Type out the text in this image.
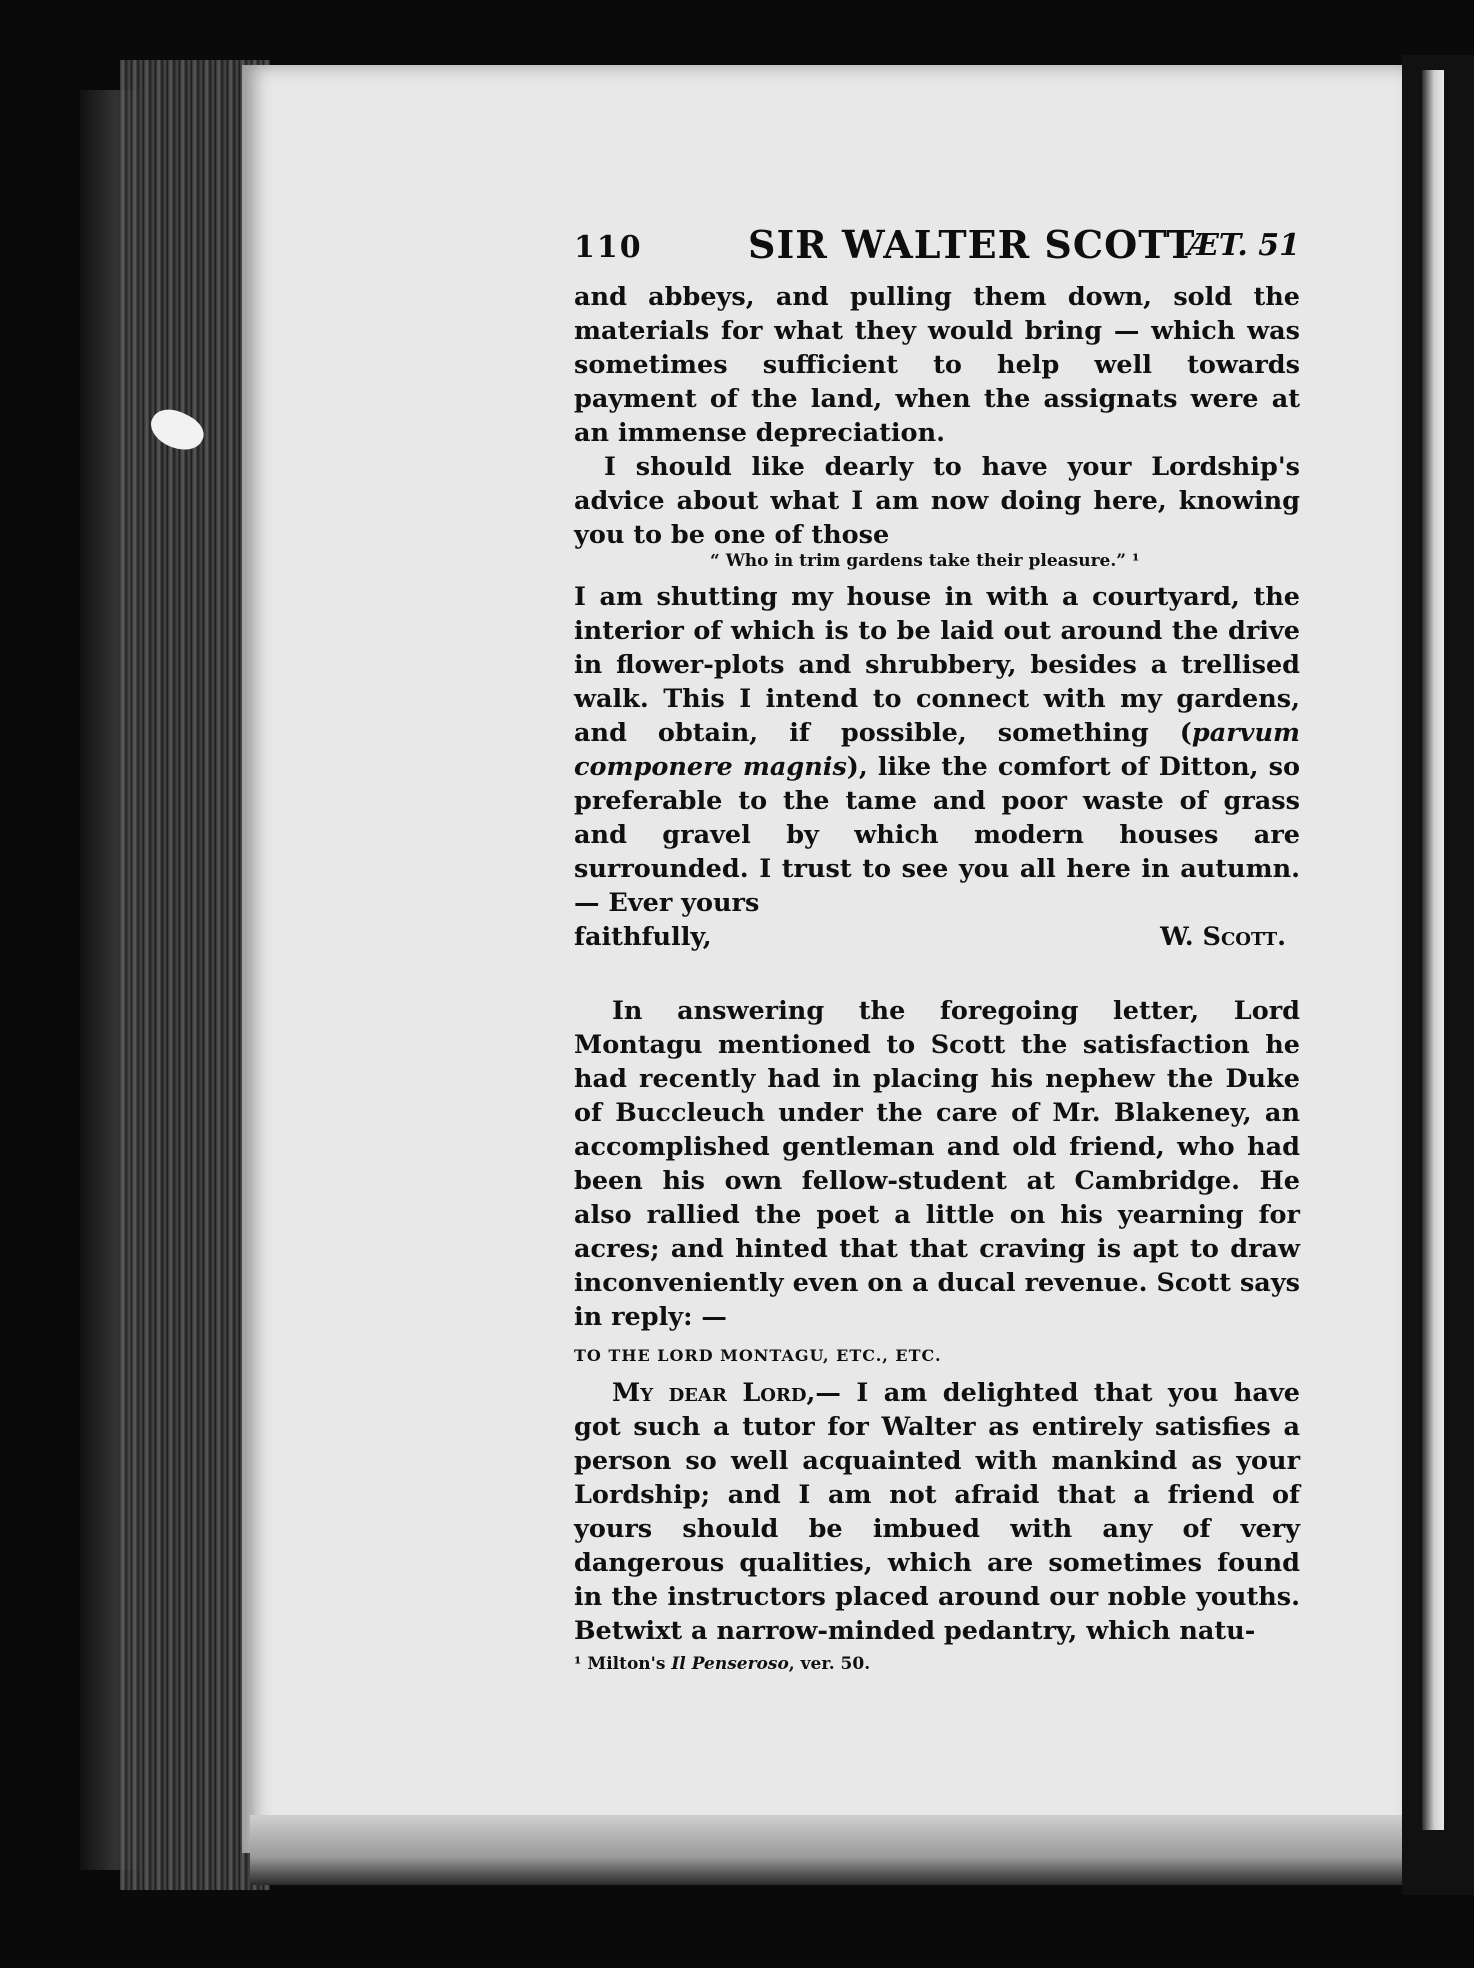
110	SIR WALTER SCOTT
ÆT. 51

and abbeys, and pulling them down, sold the materials for what they would bring — which was sometimes sufficient to help well towards payment of the land, when the assignats were at an immense depreciation.

I should like dearly to have your Lordship's advice about what I am now doing here, knowing you to be one of those

“ Who in trim gardens take their pleasure.” ¹

I am shutting my house in with a courtyard, the interior of which is to be laid out around the drive in flower-plots and shrubbery, besides a trellised walk. This I intend to connect with my gardens, and obtain, if possible, something (parvum componere magnis), like the comfort of Ditton, so preferable to the tame and poor waste of grass and gravel by which modern houses are surrounded. I trust to see you all here in autumn. — Ever yours

faithfully,	W. Scott.

In answering the foregoing letter, Lord Montagu mentioned to Scott the satisfaction he had recently had in placing his nephew the Duke of Buccleuch under the care of Mr. Blakeney, an accomplished gentleman and old friend, who had been his own fellow-student at Cambridge. He also rallied the poet a little on his yearning for acres; and hinted that that craving is apt to draw inconveniently even on a ducal revenue. Scott says in reply: —

TO THE LORD MONTAGU, ETC., ETC.

My dear Lord,— I am delighted that you have got such a tutor for Walter as entirely satisfies a person so well acquainted with mankind as your Lordship; and I am not afraid that a friend of yours should be imbued with any of very dangerous qualities, which are sometimes found in the instructors placed around our noble youths. Betwixt a narrow-minded pedantry, which natu-

¹ Milton's Il Penseroso, ver. 50.
